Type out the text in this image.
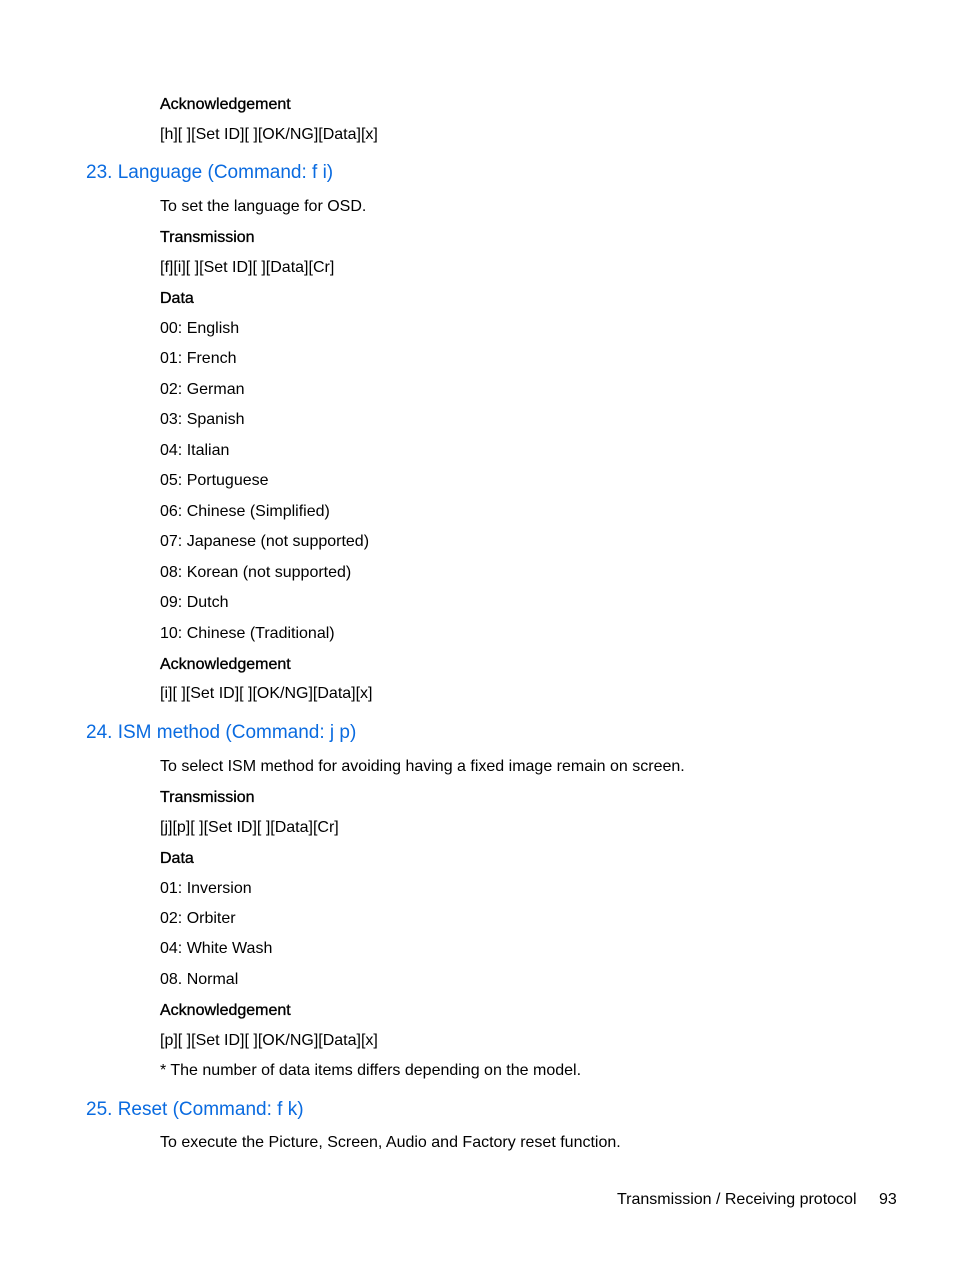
Acknowledgement
[h][ ][Set ID][ ][OK/NG][Data][x]
23. Language (Command: f i)
To set the language for OSD.
Transmission
[f][i][ ][Set ID][ ][Data][Cr]
Data
00: English
01: French
02: German
03: Spanish
04: Italian
05: Portuguese
06: Chinese (Simplified)
07: Japanese (not supported)
08: Korean (not supported)
09: Dutch
10: Chinese (Traditional)
Acknowledgement
[i][ ][Set ID][ ][OK/NG][Data][x]
24. ISM method (Command: j p)
To select ISM method for avoiding having a fixed image remain on screen.
Transmission
[j][p][ ][Set ID][ ][Data][Cr]
Data
01: Inversion
02: Orbiter
04: White Wash
08. Normal
Acknowledgement
[p][ ][Set ID][ ][OK/NG][Data][x]
* The number of data items differs depending on the model.
25. Reset (Command: f k)
To execute the Picture, Screen, Audio and Factory reset function.
Transmission / Receiving protocol 93
